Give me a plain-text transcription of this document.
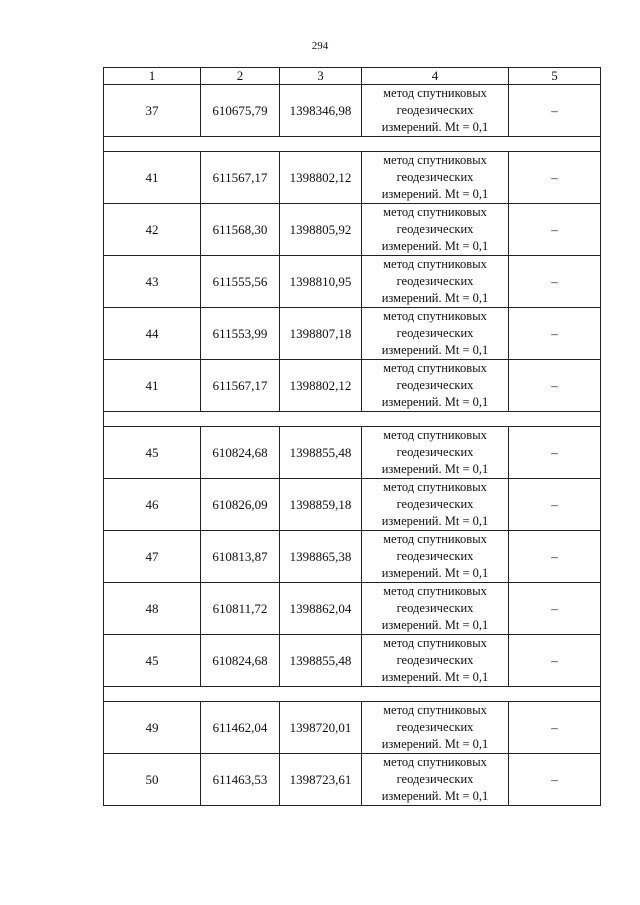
294
1	2	3	4	5
37	610675,79	1398346,98	метод спутниковых
геодезических
измерений. Mt = 0,1	–

41	611567,17	1398802,12	метод спутниковых
геодезических
измерений. Mt = 0,1	–
42	611568,30	1398805,92	метод спутниковых
геодезических
измерений. Mt = 0,1	–
43	611555,56	1398810,95	метод спутниковых
геодезических
измерений. Mt = 0,1	–
44	611553,99	1398807,18	метод спутниковых
геодезических
измерений. Mt = 0,1	–
41	611567,17	1398802,12	метод спутниковых
геодезических
измерений. Mt = 0,1	–

45	610824,68	1398855,48	метод спутниковых
геодезических
измерений. Mt = 0,1	–
46	610826,09	1398859,18	метод спутниковых
геодезических
измерений. Mt = 0,1	–
47	610813,87	1398865,38	метод спутниковых
геодезических
измерений. Mt = 0,1	–
48	610811,72	1398862,04	метод спутниковых
геодезических
измерений. Mt = 0,1	–
45	610824,68	1398855,48	метод спутниковых
геодезических
измерений. Mt = 0,1	–

49	611462,04	1398720,01	метод спутниковых
геодезических
измерений. Mt = 0,1	–
50	611463,53	1398723,61	метод спутниковых
геодезических
измерений. Mt = 0,1	–
